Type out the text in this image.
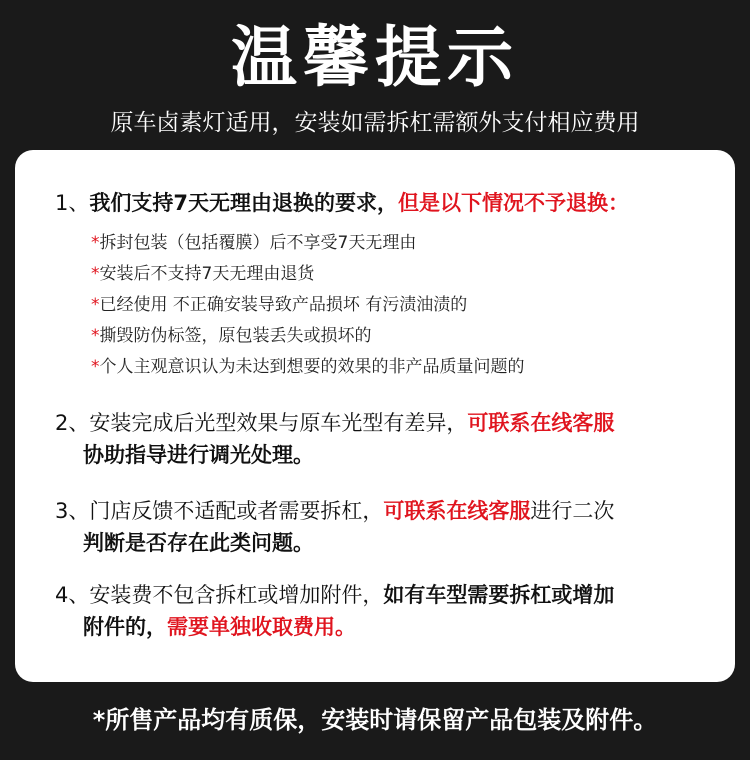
温馨提示
原车卤素灯适用，安装如需拆杠需额外支付相应费用
1、我们支持7天无理由退换的要求，但是以下情况不予退换：
*拆封包装（包括覆膜）后不享受7天无理由
*安装后不支持7天无理由退货
*已经使用 不正确安装导致产品损坏 有污渍油渍的
*撕毁防伪标签，原包装丢失或损坏的
*个人主观意识认为未达到想要的效果的非产品质量问题的
2、安装完成后光型效果与原车光型有差异，可联系在线客服
协助指导进行调光处理。
3、门店反馈不适配或者需要拆杠，可联系在线客服进行二次
判断是否存在此类问题。
4、安装费不包含拆杠或增加附件，如有车型需要拆杠或增加
附件的，需要单独收取费用。
*所售产品均有质保，安装时请保留产品包装及附件。
